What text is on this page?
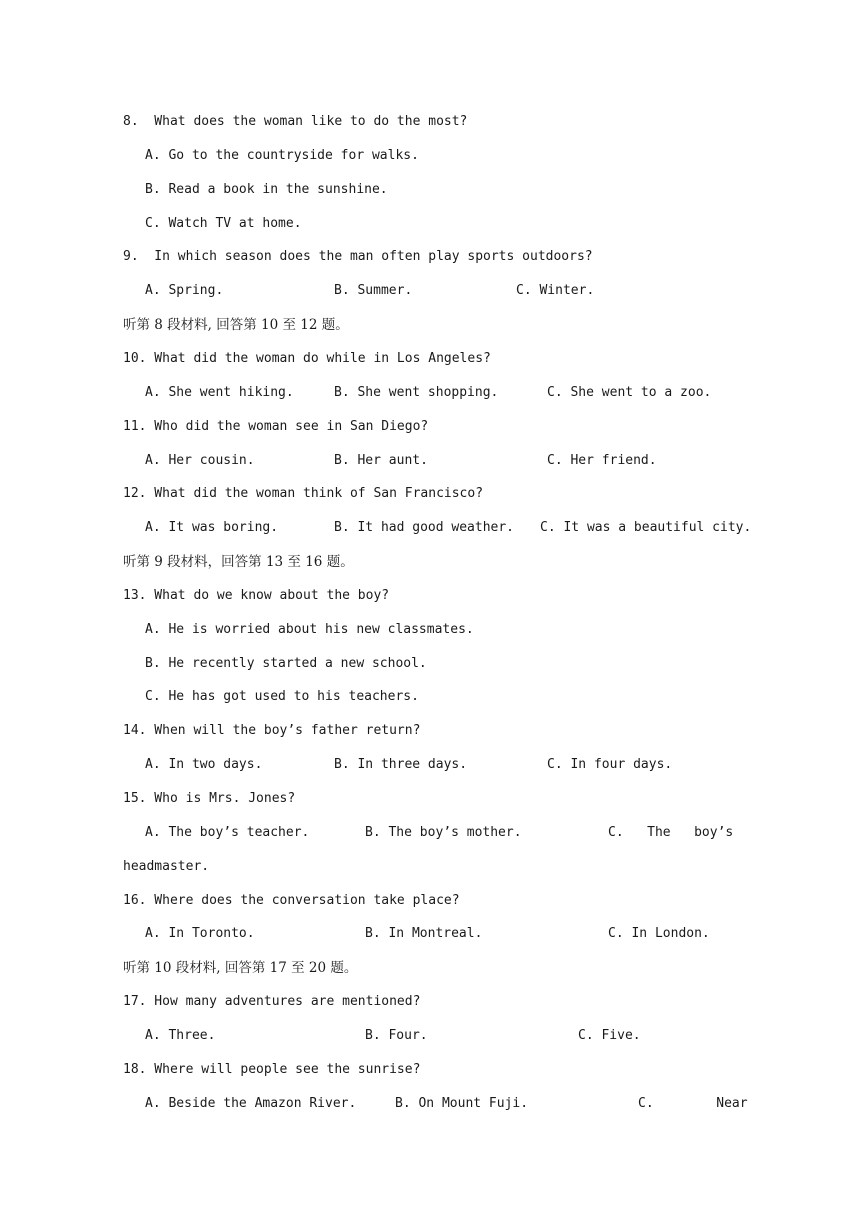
8.  What does the woman like to do the most?
A. Go to the countryside for walks.
B. Read a book in the sunshine.
C. Watch TV at home.
9.  In which season does the man often play sports outdoors?
A. Spring.	B. Summer.	C. Winter.
听第 8 段材料, 回答第 10 至 12 题。
10. What did the woman do while in Los Angeles?
A. She went hiking.	B. She went shopping.	C. She went to a zoo.
11. Who did the woman see in San Diego?
A. Her cousin.	B. Her aunt.	C. Her friend.
12. What did the woman think of San Francisco?
A. It was boring.	B. It had good weather. C. It was a beautiful city.
听第 9 段材料，回答第 13 至 16 题。
13. What do we know about the boy?
A. He is worried about his new classmates.
B. He recently started a new school.
C. He has got used to his teachers.
14. When will the boy’s father return?
A. In two days.	B. In three days.	C. In four days.
15. Who is Mrs. Jones?
A. The boy’s teacher.	B. The boy’s mother.	C.   The   boy’s
headmaster.
16. Where does the conversation take place?
A. In Toronto.	B. In Montreal.	C. In London.
听第 10 段材料, 回答第 17 至 20 题。
17. How many adventures are mentioned?
A. Three.	B. Four.	C. Five.
18. Where will people see the sunrise?
A. Beside the Amazon River.	B. On Mount Fuji.	C.        Near
